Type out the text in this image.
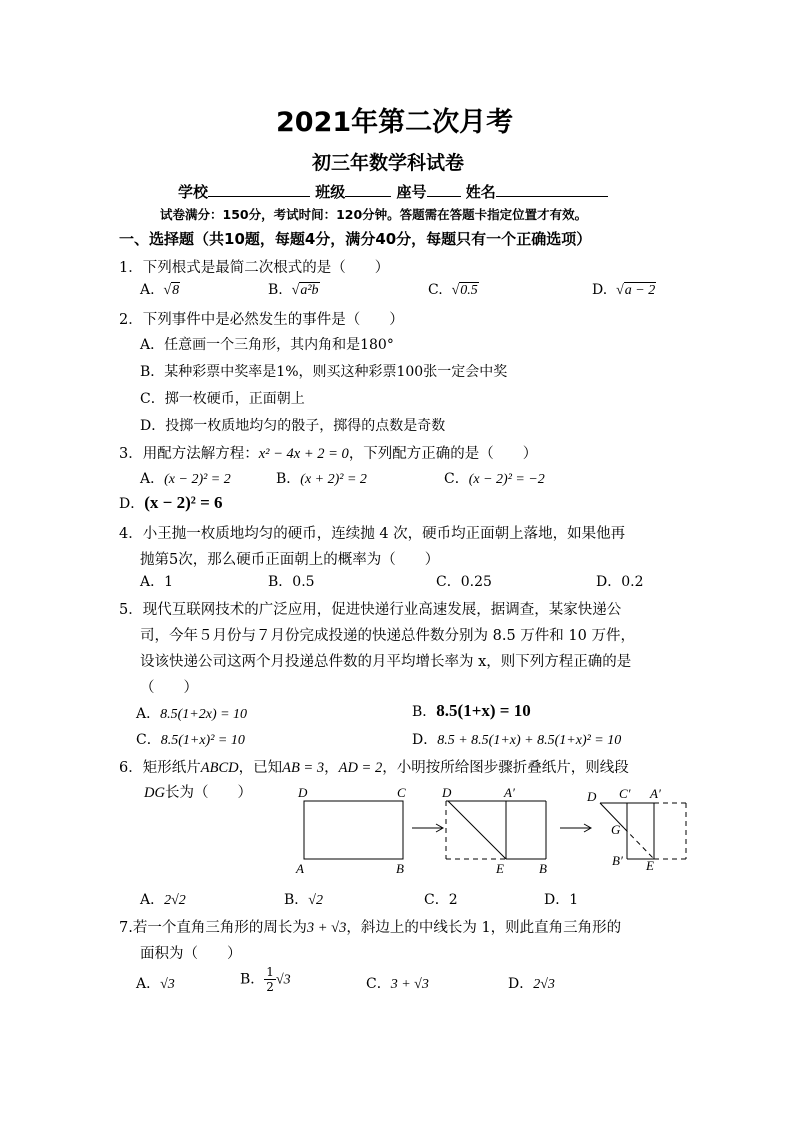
2021年第二次月考
初三年数学科试卷
学校	班级	座号	姓名
试卷满分：150分，考试时间：120分钟。答题需在答题卡指定位置才有效。
一、选择题（共10题，每题4分，满分40分，每题只有一个正确选项）
1．下列根式是最简二次根式的是（　　）
A. √8	B. √a²b	C. √0.5	D. √a − 2
2．下列事件中是必然发生的事件是（　　）
A．任意画一个三角形，其内角和是180°
B．某种彩票中奖率是1%，则买这种彩票100张一定会中奖
C．掷一枚硬币，正面朝上
D．投掷一枚质地均匀的骰子，掷得的点数是奇数
3．用配方法解方程：x² − 4x + 2 = 0，下列配方正确的是（　　）
A．(x − 2)² = 2	B．(x + 2)² = 2	C．(x − 2)² = −2
D．(x − 2)² = 6
4．小王抛一枚质地均匀的硬币，连续抛 4 次，硬币均正面朝上落地，如果他再
抛第5次，那么硬币正面朝上的概率为（　　）
A．1	B．0.5	C．0.25	D．0.2
5．现代互联网技术的广泛应用，促进快递行业高速发展，据调查，某家快递公
司，今年５月份与７月份完成投递的快递总件数分别为 8.5 万件和 10 万件，
设该快递公司这两个月投递总件数的月平均增长率为 x，则下列方程正确的是
（　　）
A．8.5(1+2x) = 10	B．8.5(1+x) = 10
C．8.5(1+x)² = 10	D．8.5 + 8.5(1+x) + 8.5(1+x)² = 10
6．矩形纸片ABCD，已知AB = 3，AD = 2，小明按所给图步骤折叠纸片，则线段
DG长为（　　）	D	C
A	B
D	A′
E	B
D C′ A′
G
B′ E
A．2√2	B．√2	C．2	D．1
7.若一个直角三角形的周长为3 + √3，斜边上的中线长为 1，则此直角三角形的
面积为（　　）
A．√3	B． $\frac{1}{2} √3$	C．3 + √3	D．2√3
